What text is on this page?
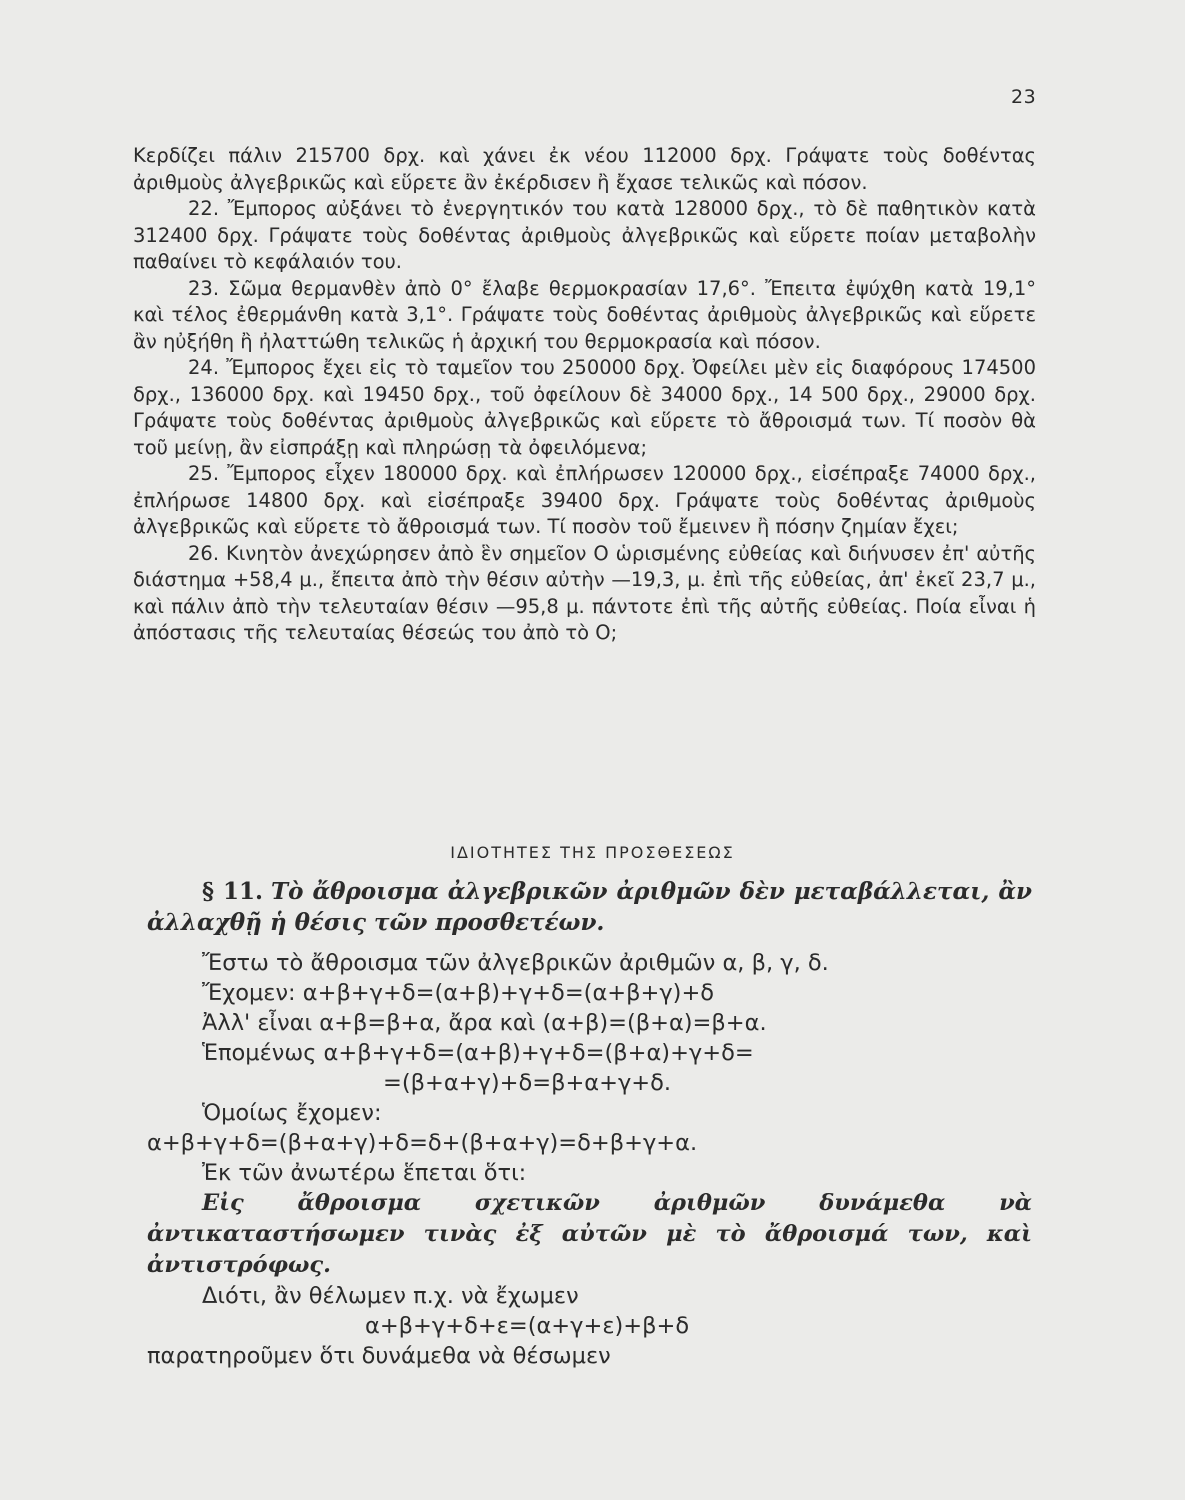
23

Κερδίζει πάλιν 215700 δρχ. καὶ χάνει ἐκ νέου 112000 δρχ. Γράψατε τοὺς δοθέντας ἀριθμοὺς ἀλγεβρικῶς καὶ εὕρετε ἂν ἐκέρδισεν ἢ ἔχασε τελικῶς καὶ πόσον.

22. Ἔμπορος αὐξάνει τὸ ἐνεργητικόν του κατὰ 128000 δρχ., τὸ δὲ παθητικὸν κατὰ 312400 δρχ. Γράψατε τοὺς δοθέντας ἀριθμοὺς ἀλγεβρικῶς καὶ εὕρετε ποίαν μεταβολὴν παθαίνει τὸ κεφάλαιόν του.

23. Σῶμα θερμανθὲν ἀπὸ 0° ἔλαβε θερμοκρασίαν 17,6°. Ἔπειτα ἐψύχθη κατὰ 19,1° καὶ τέλος ἐθερμάνθη κατὰ 3,1°. Γράψατε τοὺς δοθέντας ἀριθμοὺς ἀλγεβρικῶς καὶ εὕρετε ἂν ηὐξήθη ἢ ἠλαττώθη τελικῶς ἡ ἀρχική του θερμοκρασία καὶ πόσον.

24. Ἔμπορος ἔχει εἰς τὸ ταμεῖον του 250000 δρχ. Ὀφείλει μὲν εἰς διαφόρους 174500 δρχ., 136000 δρχ. καὶ 19450 δρχ., τοῦ ὀφείλουν δὲ 34000 δρχ., 14 500 δρχ., 29000 δρχ. Γράψατε τοὺς δοθέντας ἀριθμοὺς ἀλγεβρικῶς καὶ εὕρετε τὸ ἄθροισμά των. Τί ποσὸν θὰ τοῦ μείνῃ, ἂν εἰσπράξῃ καὶ πληρώσῃ τὰ ὀφειλόμενα;

25. Ἔμπορος εἶχεν 180000 δρχ. καὶ ἐπλήρωσεν 120000 δρχ., εἰσέπραξε 74000 δρχ., ἐπλήρωσε 14800 δρχ. καὶ εἰσέπραξε 39400 δρχ. Γράψατε τοὺς δοθέντας ἀριθμοὺς ἀλγεβρικῶς καὶ εὕρετε τὸ ἄθροισμά των. Τί ποσὸν τοῦ ἔμεινεν ἢ πόσην ζημίαν ἔχει;

26. Κινητὸν ἀνεχώρησεν ἀπὸ ἓν σημεῖον Ο ὡρισμένης εὐθείας καὶ διήνυσεν ἐπ' αὐτῆς διάστημα +58,4 μ., ἔπειτα ἀπὸ τὴν θέσιν αὐτὴν —19,3, μ. ἐπὶ τῆς εὐθείας, ἀπ' ἐκεῖ 23,7 μ., καὶ πάλιν ἀπὸ τὴν τελευταίαν θέσιν —95,8 μ. πάντοτε ἐπὶ τῆς αὐτῆς εὐθείας. Ποία εἶναι ἡ ἀπόστασις τῆς τελευταίας θέσεώς του ἀπὸ τὸ Ο;

ΙΔΙΟΤΗΤΕΣ ΤΗΣ ΠΡΟΣΘΕΣΕΩΣ

§ 11. Τὸ ἄθροισμα ἀλγεβρικῶν ἀριθμῶν δὲν μεταβάλλεται, ἂν ἀλλαχθῇ ἡ θέσις τῶν προσθετέων.

Ἔστω τὸ ἄθροισμα τῶν ἀλγεβρικῶν ἀριθμῶν α, β, γ, δ.

Ἔχομεν: α+β+γ+δ=(α+β)+γ+δ=(α+β+γ)+δ

Ἀλλ' εἶναι α+β=β+α, ἄρα καὶ (α+β)=(β+α)=β+α.

Ἑπομένως α+β+γ+δ=(α+β)+γ+δ=(β+α)+γ+δ=

=(β+α+γ)+δ=β+α+γ+δ.

Ὁμοίως ἔχομεν:

α+β+γ+δ=(β+α+γ)+δ=δ+(β+α+γ)=δ+β+γ+α.

Ἐκ τῶν ἀνωτέρω ἕπεται ὅτι:

Εἰς ἄθροισμα σχετικῶν ἀριθμῶν δυνάμεθα νὰ ἀντικαταστήσωμεν τινὰς ἐξ αὐτῶν μὲ τὸ ἄθροισμά των, καὶ ἀντιστρόφως.

Διότι, ἂν θέλωμεν π.χ. νὰ ἔχωμεν

α+β+γ+δ+ε=(α+γ+ε)+β+δ

παρατηροῦμεν ὅτι δυνάμεθα νὰ θέσωμεν
